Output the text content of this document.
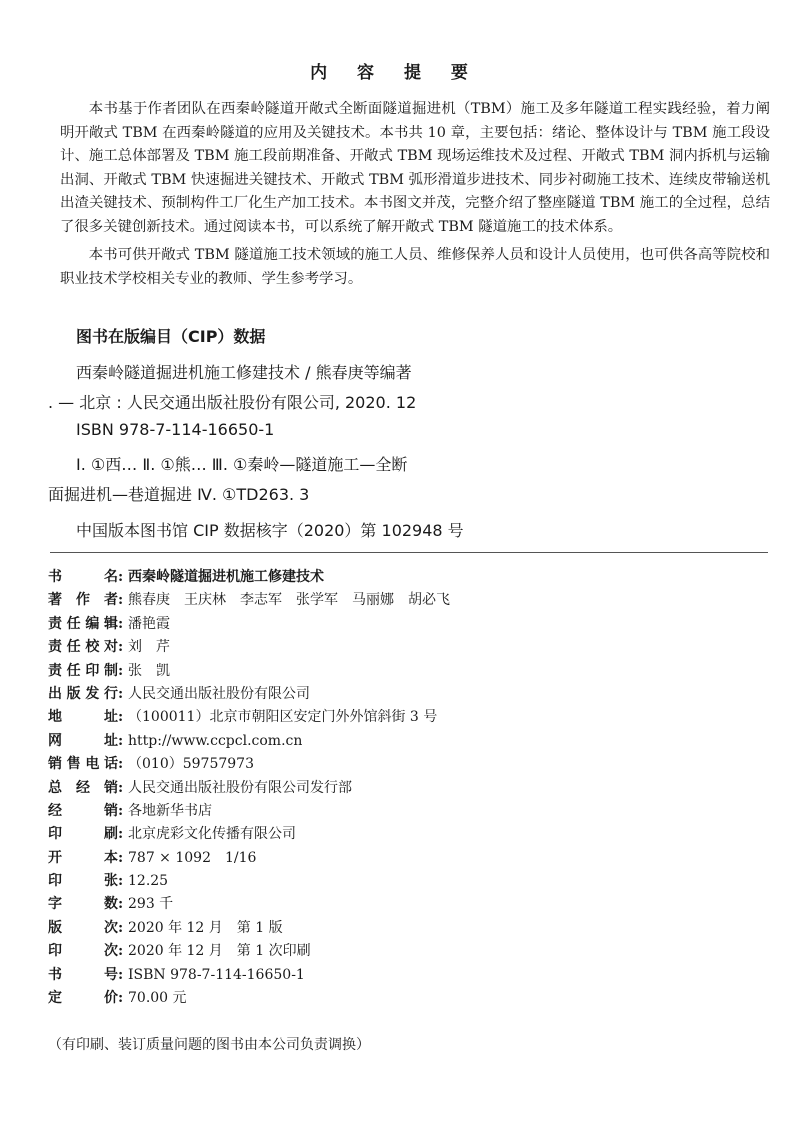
内 容 提 要
本书基于作者团队在西秦岭隧道开敞式全断面隧道掘进机（TBM）施工及多年隧道工程实践经验，着力阐明开敞式 TBM 在西秦岭隧道的应用及关键技术。本书共 10 章，主要包括：绪论、整体设计与 TBM 施工段设计、施工总体部署及 TBM 施工段前期准备、开敞式 TBM 现场运维技术及过程、开敞式 TBM 洞内拆机与运输出洞、开敞式 TBM 快速掘进关键技术、开敞式 TBM 弧形滑道步进技术、同步衬砌施工技术、连续皮带输送机出渣关键技术、预制构件工厂化生产加工技术。本书图文并茂，完整介绍了整座隧道 TBM 施工的全过程，总结了很多关键创新技术。通过阅读本书，可以系统了解开敞式 TBM 隧道施工的技术体系。
本书可供开敞式 TBM 隧道施工技术领域的施工人员、维修保养人员和设计人员使用，也可供各高等院校和职业技术学校相关专业的教师、学生参考学习。
图书在版编目（CIP）数据
西秦岭隧道掘进机施工修建技术 / 熊春庚等编著
. — 北京 : 人民交通出版社股份有限公司, 2020. 12
ISBN 978-7-114-16650-1
Ⅰ. ①西… Ⅱ. ①熊… Ⅲ. ①秦岭—隧道施工—全断
面掘进机—巷道掘进 Ⅳ. ①TD263. 3
中国版本图书馆 CIP 数据核字（2020）第 102948 号
书 名 : 西秦岭隧道掘进机施工修建技术
著 作 者 : 熊春庚　王庆林　李志军　张学军　马丽娜　胡必飞
责任编辑 : 潘艳霞
责任校对 : 刘　芹
责任印制 : 张　凯
出版发行 : 人民交通出版社股份有限公司
地 址 : （100011）北京市朝阳区安定门外外馆斜街 3 号
网 址 : http://www.ccpcl.com.cn
销售电话 : （010）59757973
总 经 销 : 人民交通出版社股份有限公司发行部
经 销 : 各地新华书店
印 刷 : 北京虎彩文化传播有限公司
开 本 : 787 × 1092　1/16
印 张 : 12.25
字 数 : 293 千
版 次 : 2020 年 12 月　第 1 版
印 次 : 2020 年 12 月　第 1 次印刷
书 号 : ISBN 978-7-114-16650-1
定 价 : 70.00 元
（有印刷、装订质量问题的图书由本公司负责调换）
